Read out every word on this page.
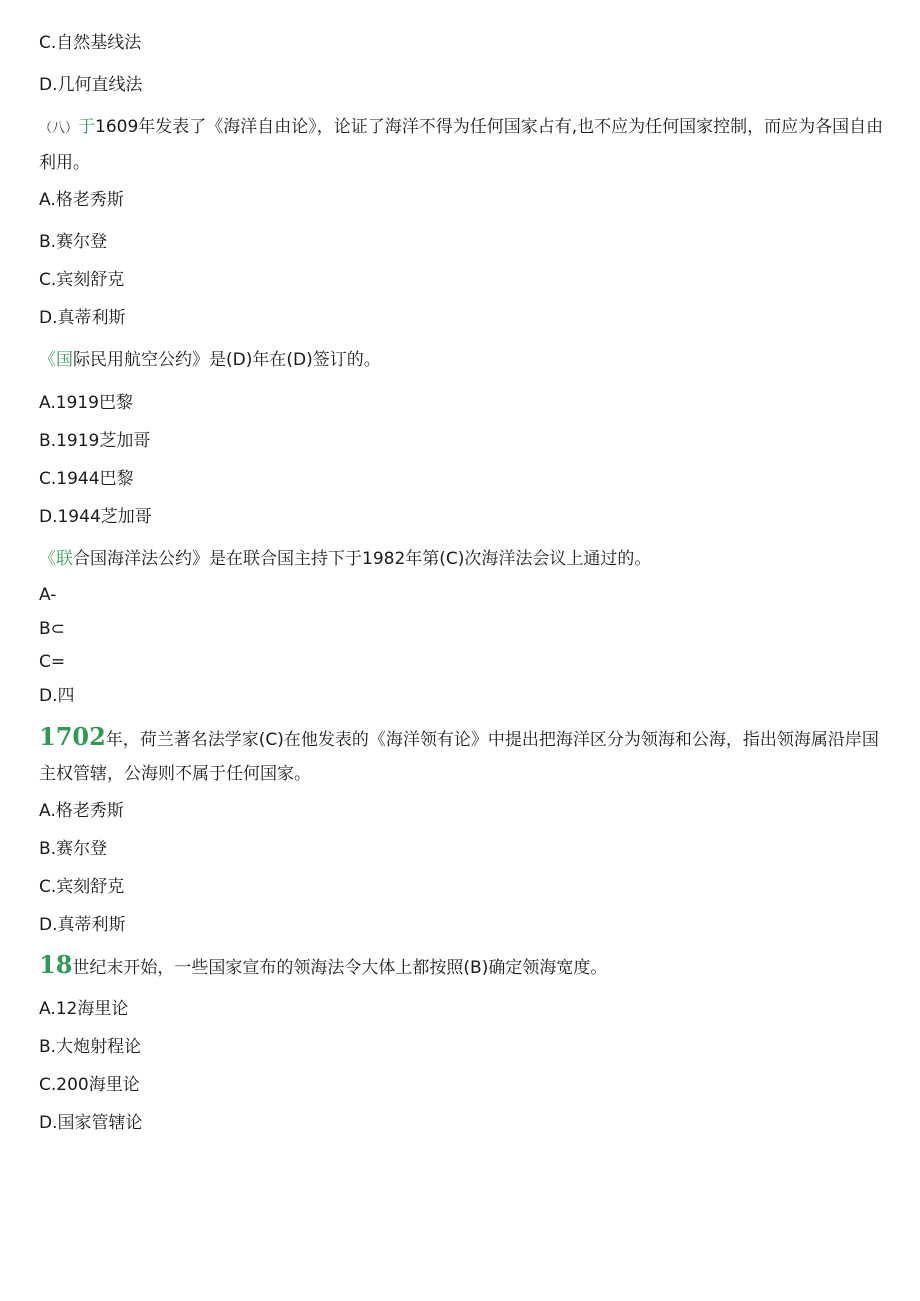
C.自然基线法
D.几何直线法
（八）于1609年发表了《海洋自由论》，论证了海洋不得为任何国家占有,也不应为任何国家控制，而应为各国自由利用。
A.格老秀斯
B.赛尔登
C.宾刻舒克
D.真蒂利斯
《国际民用航空公约》是(D)年在(D)签订的。
A.1919巴黎
B.1919芝加哥
C.1944巴黎
D.1944芝加哥
《联合国海洋法公约》是在联合国主持下于1982年第(C)次海洋法会议上通过的。
A-
B⊂
C=
D.四
1702年，荷兰著名法学家(C)在他发表的《海洋领有论》中提出把海洋区分为领海和公海，指出领海属沿岸国主权管辖，公海则不属于任何国家。
A.格老秀斯
B.赛尔登
C.宾刻舒克
D.真蒂利斯
18世纪末开始，一些国家宣布的领海法令大体上都按照(B)确定领海宽度。
A.12海里论
B.大炮射程论
C.200海里论
D.国家管辖论
